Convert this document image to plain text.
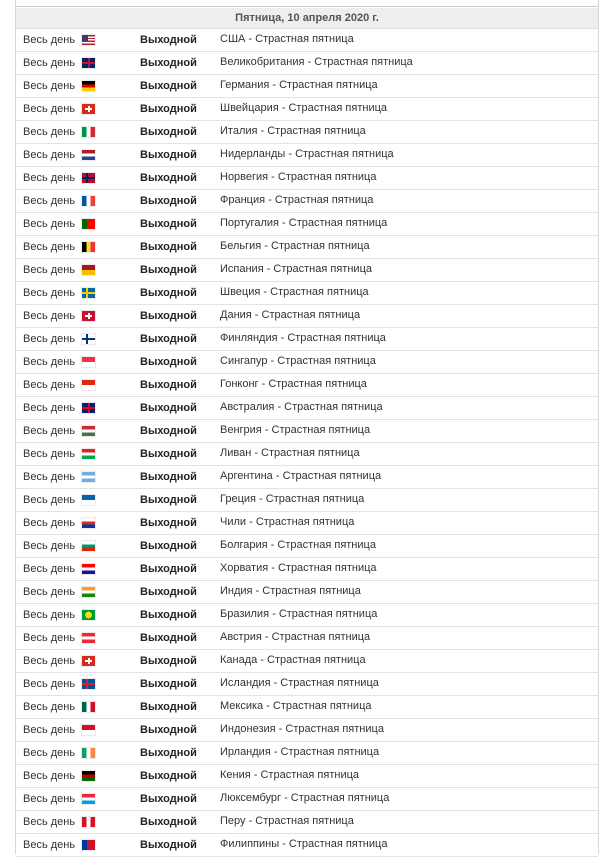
Пятница, 10 апреля 2020 г.
Весь день	Выходной США - Страстная пятница
Весь день	Выходной Великобритания - Страстная пятница
Весь день	Выходной Германия - Страстная пятница
Весь день	Выходной Швейцария - Страстная пятница
Весь день	Выходной Италия - Страстная пятница
Весь день	Выходной Нидерланды - Страстная пятница
Весь день	Выходной Норвегия - Страстная пятница
Весь день	Выходной Франция - Страстная пятница
Весь день	Выходной Португалия - Страстная пятница
Весь день	Выходной Бельгия - Страстная пятница
Весь день	Выходной Испания - Страстная пятница
Весь день	Выходной Швеция - Страстная пятница
Весь день	Выходной Дания - Страстная пятница
Весь день	Выходной Финляндия - Страстная пятница
Весь день	Выходной Сингапур - Страстная пятница
Весь день	Выходной Гонконг - Страстная пятница
Весь день	Выходной Австралия - Страстная пятница
Весь день	Выходной Венгрия - Страстная пятница
Весь день	Выходной Ливан - Страстная пятница
Весь день	Выходной Аргентина - Страстная пятница
Весь день	Выходной Греция - Страстная пятница
Весь день	Выходной Чили - Страстная пятница
Весь день	Выходной Болгария - Страстная пятница
Весь день	Выходной Хорватия - Страстная пятница
Весь день	Выходной Индия - Страстная пятница
Весь день	Выходной Бразилия - Страстная пятница
Весь день	Выходной Австрия - Страстная пятница
Весь день	Выходной Канада - Страстная пятница
Весь день	Выходной Исландия - Страстная пятница
Весь день	Выходной Мексика - Страстная пятница
Весь день	Выходной Индонезия - Страстная пятница
Весь день	Выходной Ирландия - Страстная пятница
Весь день	Выходной Кения - Страстная пятница
Весь день	Выходной Люксембург - Страстная пятница
Весь день	Выходной Перу - Страстная пятница
Весь день	Выходной Филиппины - Страстная пятница
